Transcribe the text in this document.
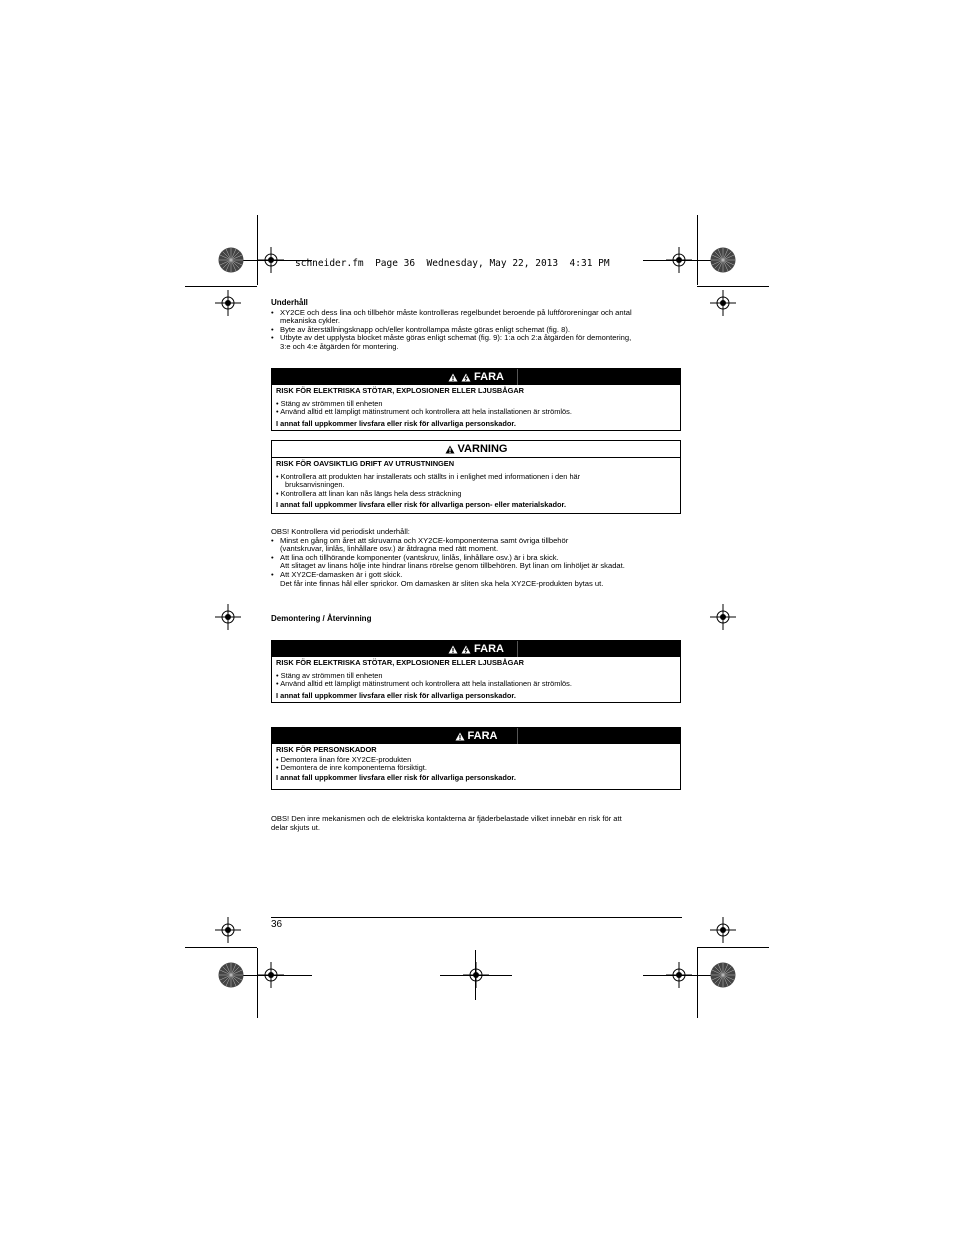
schneider.fm  Page 36  Wednesday, May 22, 2013  4:31 PM
Underhåll
• XY2CE och dess lina och tillbehör måste kontrolleras regelbundet beroende på luftföroreningar och antal
mekaniska cykler.
• Byte av återställningsknapp och/eller kontrollampa måste göras enligt schemat (fig. 8).
• Utbyte av det upplysta blocket måste göras enligt schemat (fig. 9): 1:a och 2:a åtgärden för demontering,
3:e och 4:e åtgärden för montering.
FARA
RISK FÖR ELEKTRISKA STÖTAR, EXPLOSIONER ELLER LJUSBÅGAR
• Stäng av strömmen till enheten
• Använd alltid ett lämpligt mätinstrument och kontrollera att hela installationen är strömlös.
I annat fall uppkommer livsfara eller risk för allvarliga personskador.
VARNING
RISK FÖR OAVSIKTLIG DRIFT AV UTRUSTNINGEN
• Kontrollera att produkten har installerats och ställts in i enlighet med informationen i den här
bruksanvisningen.
• Kontrollera att linan kan nås längs hela dess sträckning
I annat fall uppkommer livsfara eller risk för allvarliga person- eller materialskador.
OBS! Kontrollera vid periodiskt underhåll:
• Minst en gång om året att skruvarna och XY2CE-komponenterna samt övriga tillbehör
(vantskruvar, linlås, linhållare osv.) är åtdragna med rätt moment.
• Att lina och tillhörande komponenter (vantskruv, linlås, linhållare osv.) är i bra skick.
Att slitaget av linans hölje inte hindrar linans rörelse genom tillbehören. Byt linan om linhöljet är skadat.
• Att XY2CE-damasken är i gott skick.
Det får inte finnas hål eller sprickor. Om damasken är sliten ska hela XY2CE-produkten bytas ut.
Demontering / Återvinning
FARA
RISK FÖR ELEKTRISKA STÖTAR, EXPLOSIONER ELLER LJUSBÅGAR
• Stäng av strömmen till enheten
• Använd alltid ett lämpligt mätinstrument och kontrollera att hela installationen är strömlös.
I annat fall uppkommer livsfara eller risk för allvarliga personskador.
FARA
RISK FÖR PERSONSKADOR
• Demontera linan före XY2CE-produkten
• Demontera de inre komponenterna försiktigt.
I annat fall uppkommer livsfara eller risk för allvarliga personskador.
OBS! Den inre mekanismen och de elektriska kontakterna är fjäderbelastade vilket innebär en risk för att
delar skjuts ut.
36
